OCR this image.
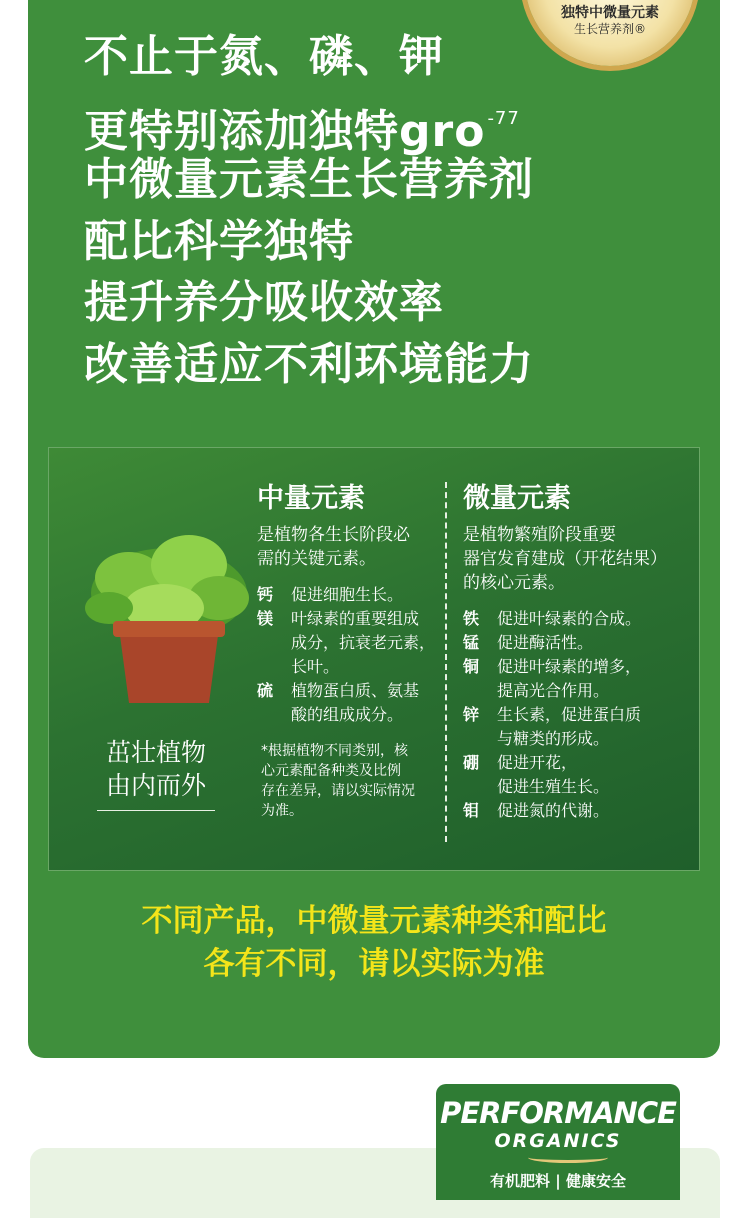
不止于氮、磷、钾
更特别添加独特gro $^{-77}$
中微量元素生长营养剂
配比科学独特
提升养分吸收效率
改善适应不利环境能力
独特中微量元素
生长营养剂®
茁壮植物
由内而外
中量元素
是植物各生长阶段必
需的关键元素。
钙	促进细胞生长。
镁	叶绿素的重要组成
成分，抗衰老元素，
长叶。
硫	植物蛋白质、氨基
酸的组成成分。
*根据植物不同类别，核
心元素配备种类及比例
存在差异，请以实际情况
为准。
微量元素
是植物繁殖阶段重要
器官发育建成（开花结果）
的核心元素。
铁	促进叶绿素的合成。
锰	促进酶活性。
铜	促进叶绿素的增多，
提高光合作用。
锌	生长素，促进蛋白质
与糖类的形成。
硼	促进开花，
促进生殖生长。
钼	促进氮的代谢。
不同产品，中微量元素种类和配比
各有不同，请以实际为准
PERFORMANCE
ORGANICS
有机肥料 | 健康安全
